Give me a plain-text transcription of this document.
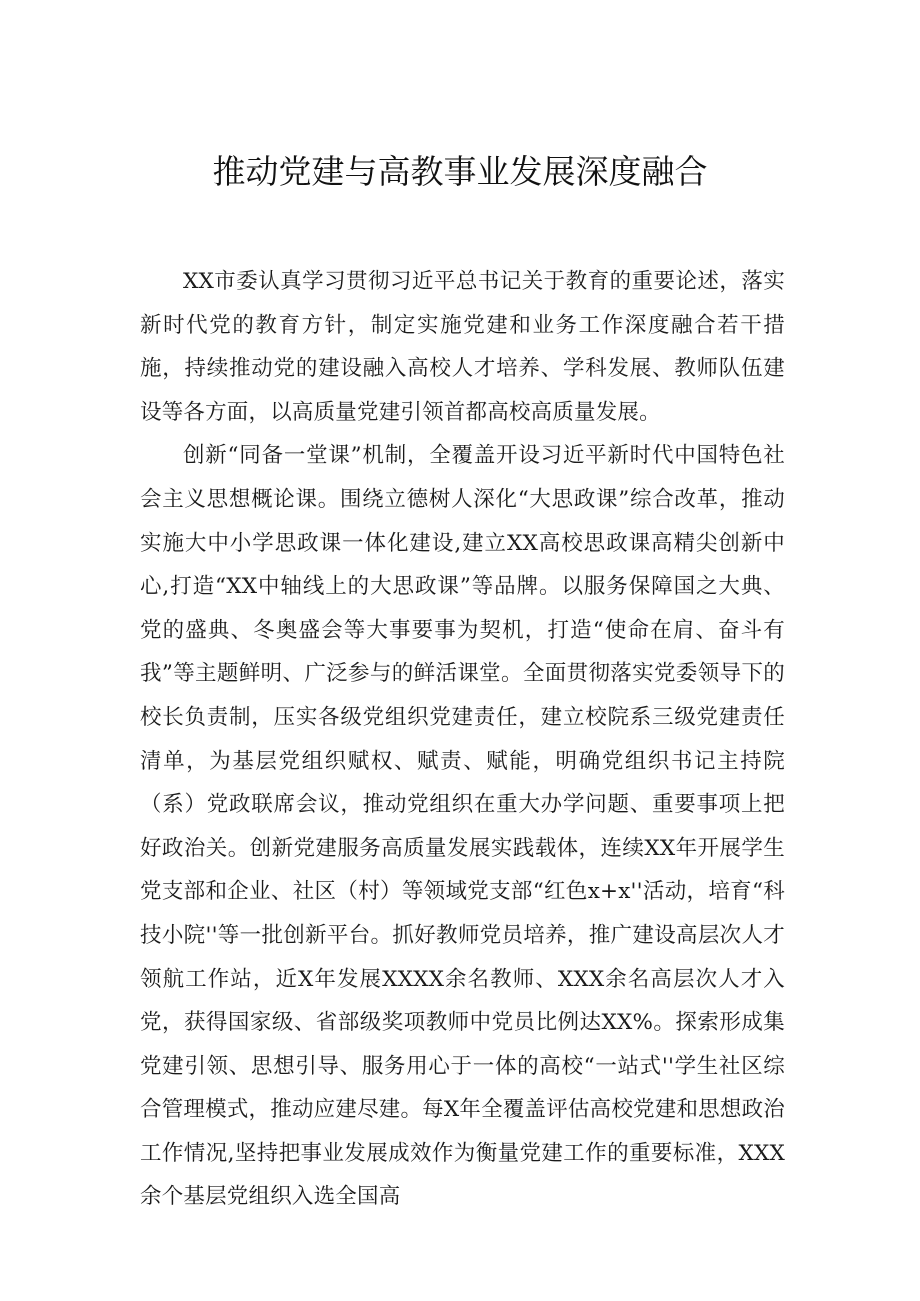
推动党建与高教事业发展深度融合

XX市委认真学习贯彻习近平总书记关于教育的重要论述，落实新时代党的教育方针，制定实施党建和业务工作深度融合若干措施，持续推动党的建设融入高校人才培养、学科发展、教师队伍建设等各方面，以高质量党建引领首都高校高质量发展。

创新“同备一堂课”机制，全覆盖开设习近平新时代中国特色社会主义思想概论课。围绕立德树人深化“大思政课”综合改革，推动实施大中小学思政课一体化建设,建立XX高校思政课高精尖创新中心,打造“XX中轴线上的大思政课”等品牌。以服务保障国之大典、党的盛典、冬奥盛会等大事要事为契机，打造“使命在肩、奋斗有我”等主题鲜明、广泛参与的鲜活课堂。全面贯彻落实党委领导下的校长负责制，压实各级党组织党建责任，建立校院系三级党建责任清单，为基层党组织赋权、赋责、赋能，明确党组织书记主持院（系）党政联席会议，推动党组织在重大办学问题、重要事项上把好政治关。创新党建服务高质量发展实践载体，连续XX年开展学生党支部和企业、社区（村）等领域党支部“红色x+x''活动，培育“科技小院''等一批创新平台。抓好教师党员培养，推广建设高层次人才领航工作站，近X年发展XXXX余名教师、XXX余名高层次人才入党，获得国家级、省部级奖项教师中党员比例达XX%。探索形成集党建引领、思想引导、服务用心于一体的高校“一站式''学生社区综合管理模式，推动应建尽建。每X年全覆盖评估高校党建和思想政治工作情况,坚持把事业发展成效作为衡量党建工作的重要标准，XXX余个基层党组织入选全国高
